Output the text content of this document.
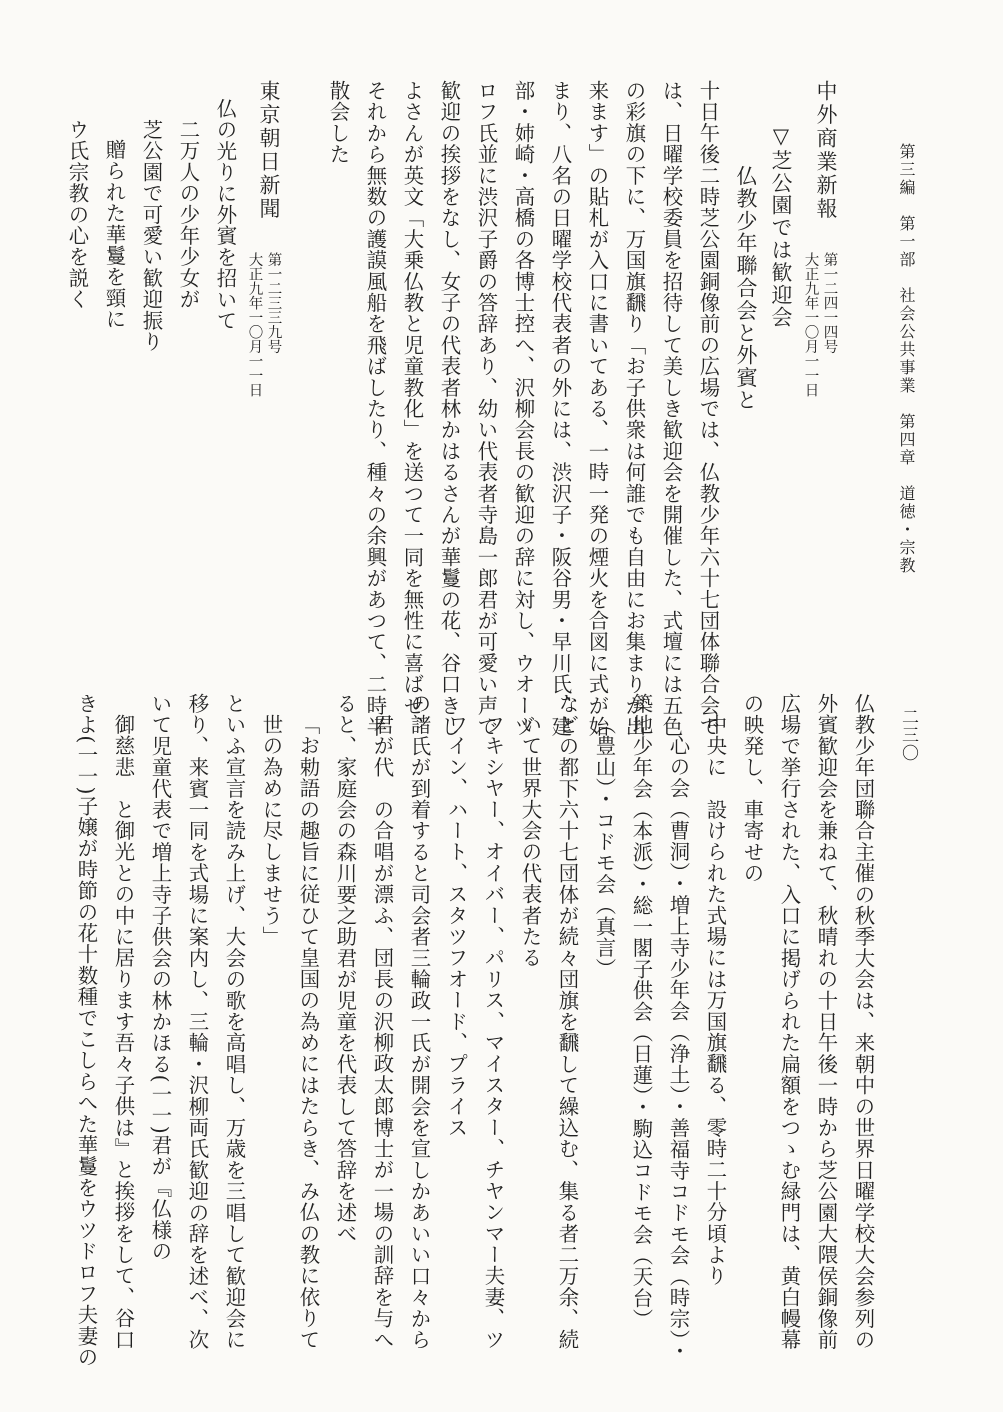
第三編　第一部　社会公共事業　第四章　道徳・宗教
二三〇
中外商業新報
第一二四一四号
大正九年一〇月一一日
▽芝公園では歓迎会
仏教少年聯合会と外賓と
十日午後二時芝公園銅像前の広場では、仏教少年六十七団体聯合会で
は、日曜学校委員を招待して美しき歓迎会を開催した、式壇には五色
の彩旗の下に、万国旗飜り「お子供衆は何誰でも自由にお集まりが出
来ます」の貼札が入口に書いてある、一時一発の煙火を合図に式が始
まり、八名の日曜学校代表者の外には、渋沢子・阪谷男・早川氏、建
部・姉崎・高橋の各博士控へ、沢柳会長の歓迎の辞に対し、ウオーヅ
ロフ氏並に渋沢子爵の答辞あり、幼い代表者寺島一郎君が可愛い声で
歓迎の挨拶をなし、女子の代表者林かはるさんが華鬘の花、谷口きし
よさんが英文「大乗仏教と児童教化」を送つて一同を無性に喜ばせ、
それから無数の護謨風船を飛ばしたり、種々の余興があつて、二時半
散会した
東京朝日新聞
第一二三三九号
大正九年一〇月一一日
仏の光りに外賓を招いて
二万人の少年少女が
芝公園で可愛い歓迎振り
贈られた華鬘を頸に
ウ氏宗教の心を説く
仏教少年団聯合主催の秋季大会は、来朝中の世界日曜学校大会参列の
外賓歓迎会を兼ねて、秋晴れの十日午後一時から芝公園大隈侯銅像前
広場で挙行された、入口に掲げられた扁額をつゝむ緑門は、黄白幔幕
の映発し、車寄せの
中央に　設けられた式場には万国旗飜る、零時二十分頃より
心の会（曹洞）・増上寺少年会（浄土）・善福寺コドモ会（時宗）・
築地少年会（本派）・総一閣子供会（日蓮）・駒込コドモ会（天台）
（豊山）・コドモ会（真言）
などの都下六十七団体が続々団旗を飜して繰込む、集る者二万余、続
いて世界大会の代表者たる
フキシヤー、オイバー、パリス、マイスター、チヤンマー夫妻、ツ
ワイン、ハート、スタツフオード、プライス
の諸氏が到着すると司会者三輪政一氏が開会を宣しかあいい口々から
君が代　の合唱が漂ふ、団長の沢柳政太郎博士が一場の訓辞を与へ
ると、家庭会の森川要之助君が児童を代表して答辞を述べ
「お勅語の趣旨に従ひて皇国の為めにはたらき、み仏の教に依りて
世の為めに尽しませう」
といふ宣言を読み上げ、大会の歌を高唱し、万歳を三唱して歓迎会に
移り、来賓一同を式場に案内し、三輪・沢柳両氏歓迎の辞を述べ、次
いて児童代表で増上寺子供会の林かほる(一一)君が『仏様の
御慈悲　と御光との中に居ります吾々子供は』と挨拶をして、谷口
きよ(一一)子嬢が時節の花十数種でこしらへた華鬘をウツドロフ夫妻の
